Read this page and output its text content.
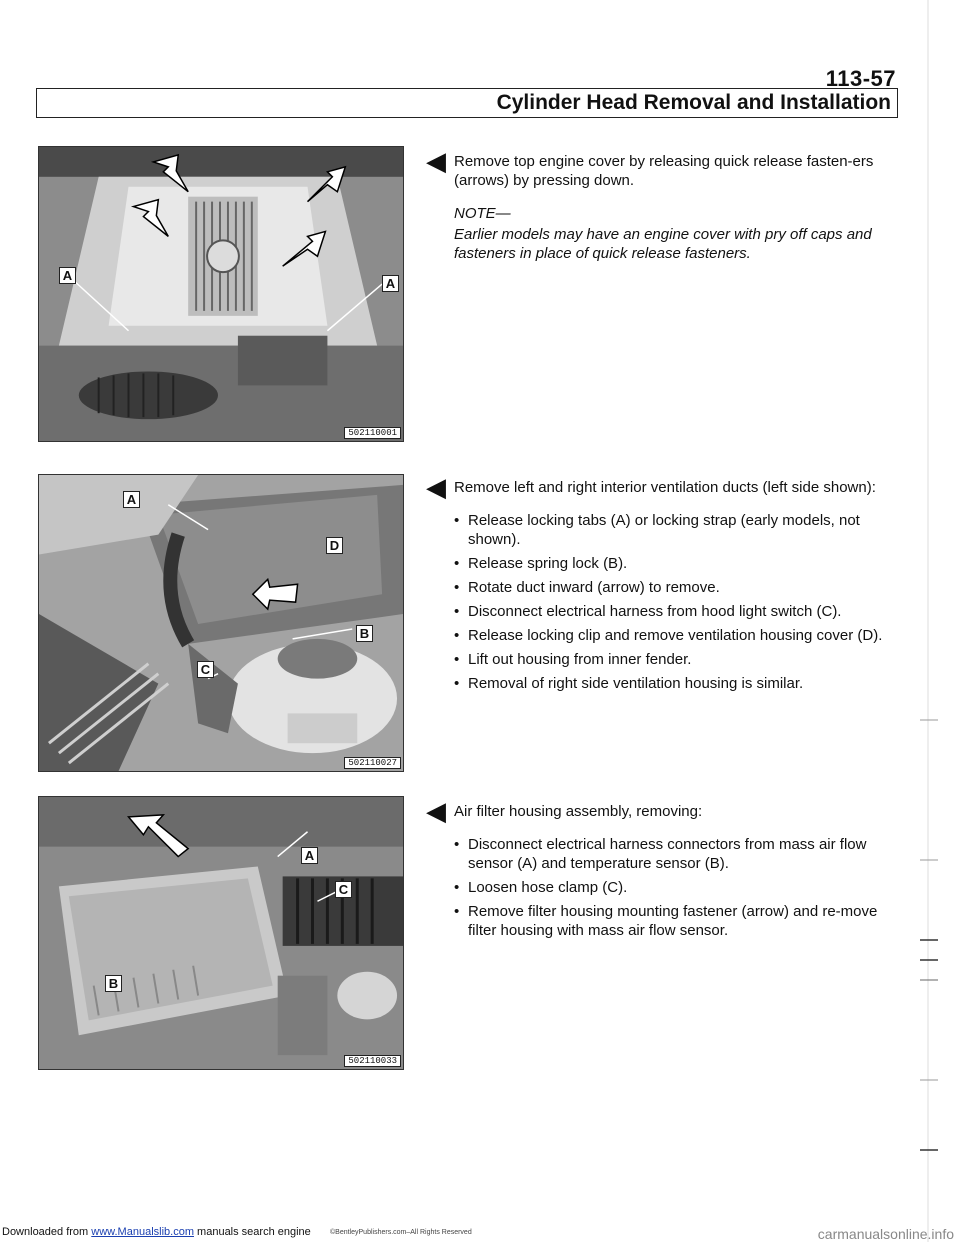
113-57
Cylinder Head Removal and Installation
A
A
502110001
A
D
B
C
502110027
A
C
B
502110033

◀︎ Remove top engine cover by releasing quick release fasten-ers (arrows) by pressing down.

NOTE—

Earlier models may have an engine cover with pry off caps and fasteners in place of quick release fasteners.

◀︎ Remove left and right interior ventilation ducts (left side shown):

• Release locking tabs (A) or locking strap (early models, not shown).
• Release spring lock (B).
• Rotate duct inward (arrow) to remove.
• Disconnect electrical harness from hood light switch (C).
• Release locking clip and remove ventilation housing cover (D).
• Lift out housing from inner fender.
• Removal of right side ventilation housing is similar.

◀︎ Air filter housing assembly, removing:

• Disconnect electrical harness connectors from mass air flow sensor (A) and temperature sensor (B).
• Loosen hose clamp (C).
• Remove filter housing mounting fastener (arrow) and re-move filter housing with mass air flow sensor.
Downloaded from www.Manualslib.com manuals search engine	©BentleyPublishers.com–All Rights Reserved	carmanualsonline.info
